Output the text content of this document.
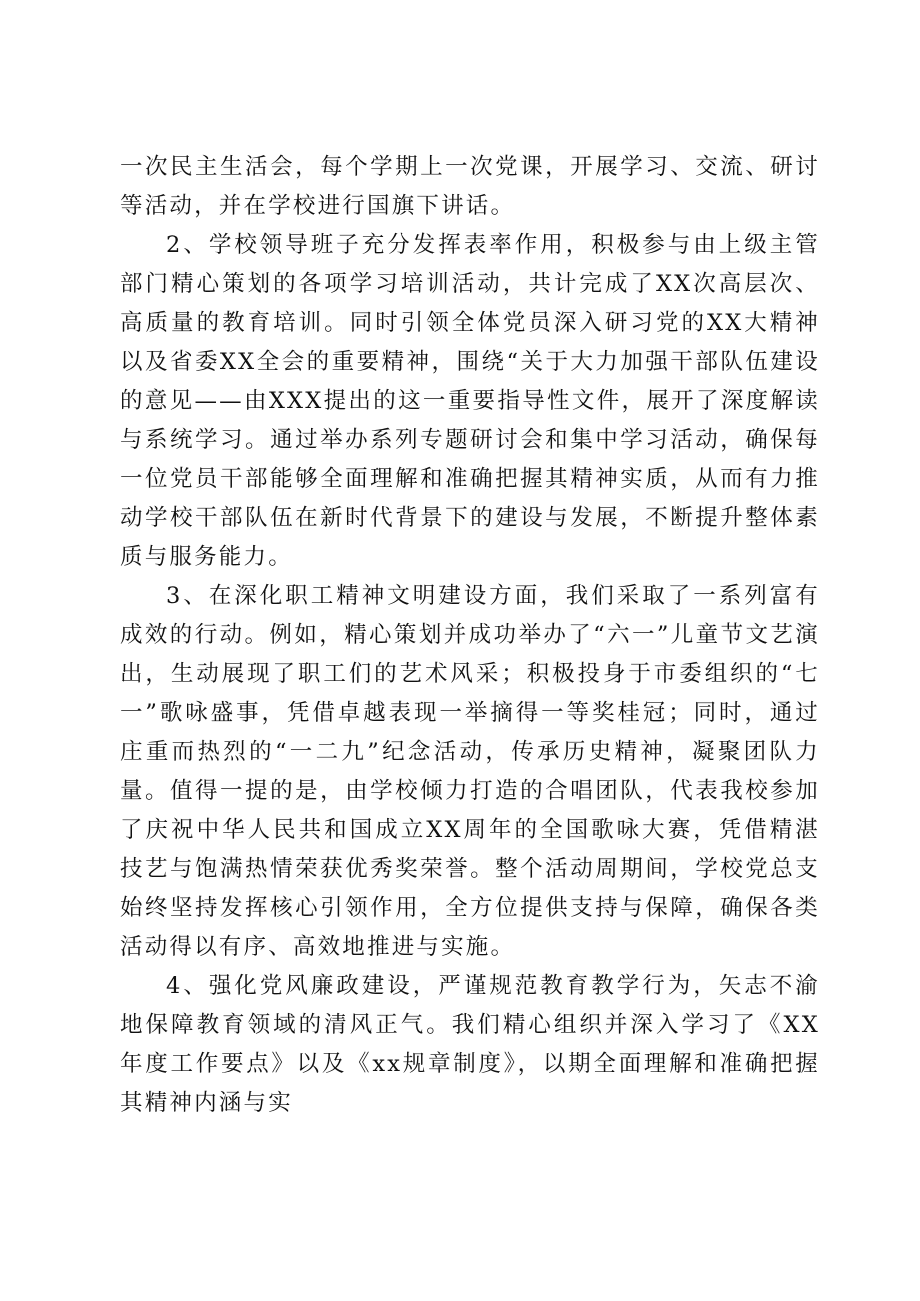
一次民主生活会，每个学期上一次党课，开展学习、交流、研讨等活动，并在学校进行国旗下讲话。

2、学校领导班子充分发挥表率作用，积极参与由上级主管部门精心策划的各项学习培训活动，共计完成了XX次高层次、高质量的教育培训。同时引领全体党员深入研习党的XX大精神以及省委XX全会的重要精神，围绕“关于大力加强干部队伍建设的意见——由XXX提出的这一重要指导性文件，展开了深度解读与系统学习。通过举办系列专题研讨会和集中学习活动，确保每一位党员干部能够全面理解和准确把握其精神实质，从而有力推动学校干部队伍在新时代背景下的建设与发展，不断提升整体素质与服务能力。

3、在深化职工精神文明建设方面，我们采取了一系列富有成效的行动。例如，精心策划并成功举办了“六一”儿童节文艺演出，生动展现了职工们的艺术风采；积极投身于市委组织的“七一”歌咏盛事，凭借卓越表现一举摘得一等奖桂冠；同时，通过庄重而热烈的“一二九”纪念活动，传承历史精神，凝聚团队力量。值得一提的是，由学校倾力打造的合唱团队，代表我校参加了庆祝中华人民共和国成立XX周年的全国歌咏大赛，凭借精湛技艺与饱满热情荣获优秀奖荣誉。整个活动周期间，学校党总支始终坚持发挥核心引领作用，全方位提供支持与保障，确保各类活动得以有序、高效地推进与实施。

4、强化党风廉政建设，严谨规范教育教学行为，矢志不渝地保障教育领域的清风正气。我们精心组织并深入学习了《XX年度工作要点》以及《xx规章制度》，以期全面理解和准确把握其精神内涵与实
